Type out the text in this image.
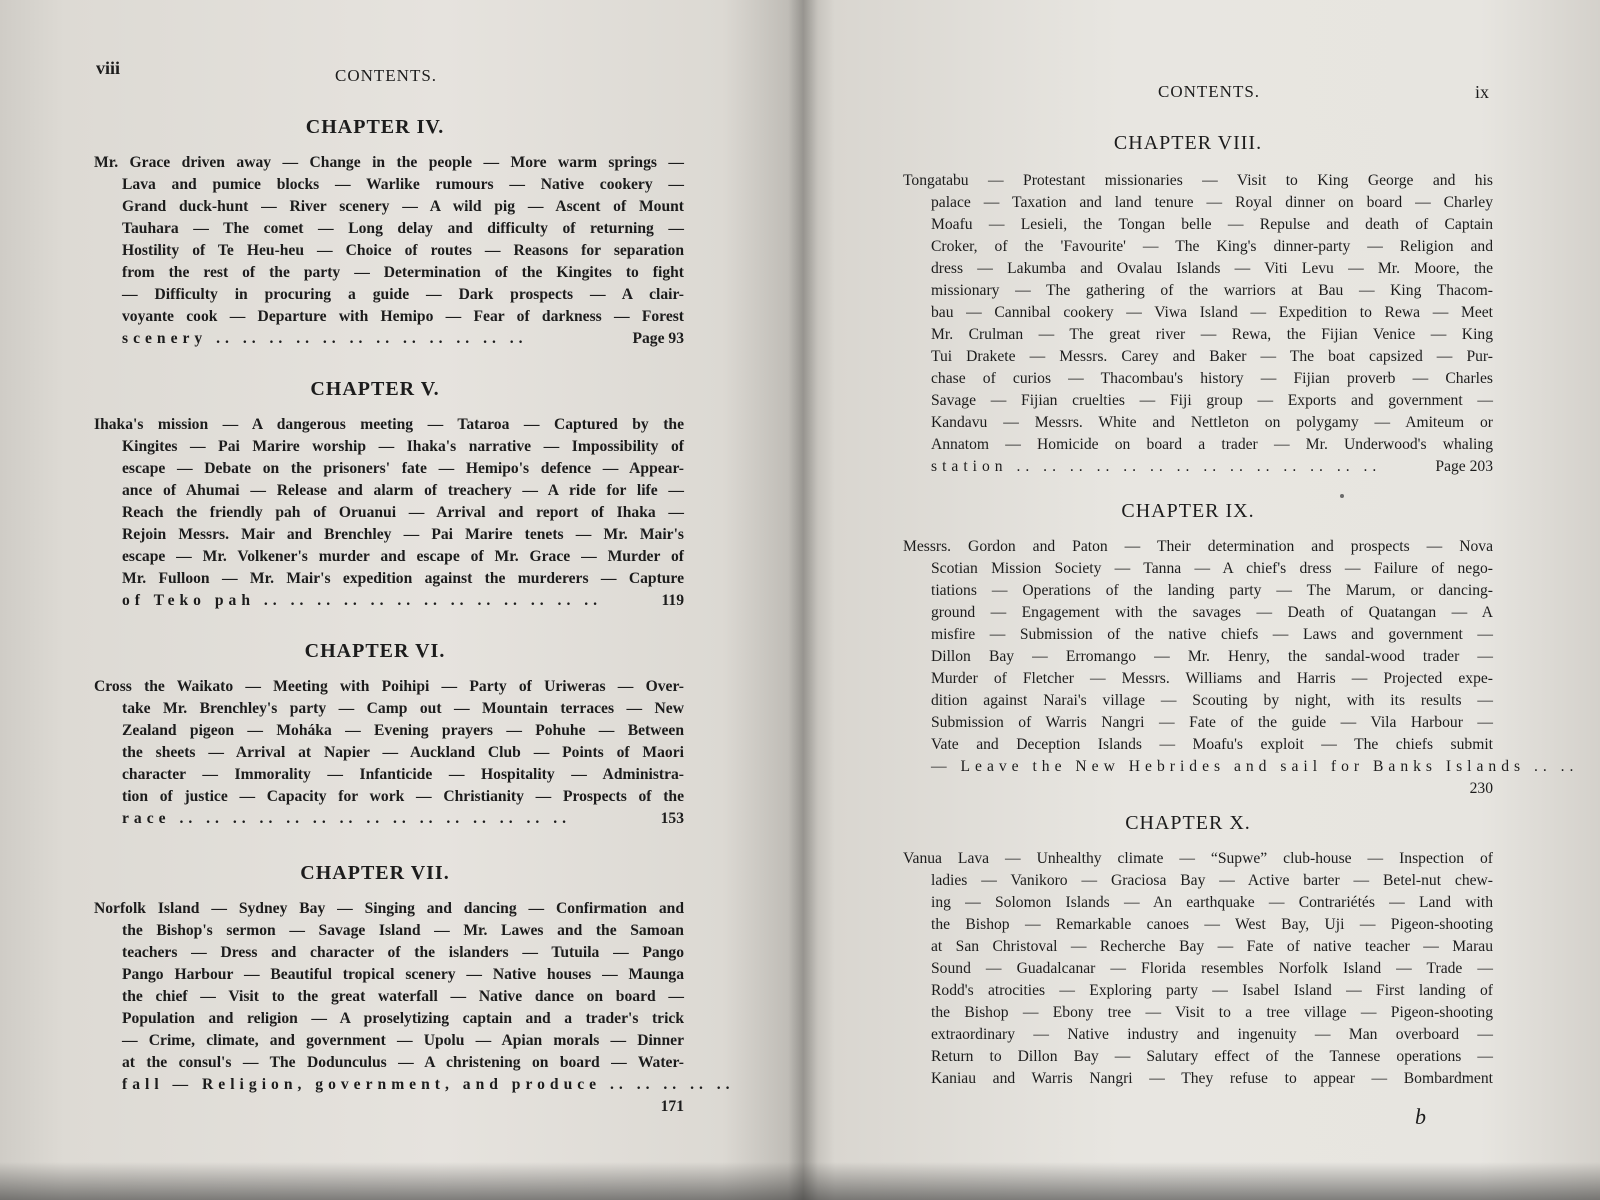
viii	CONTENTS.
CHAPTER IV.
Mr. Grace driven away — Change in the people — More warm springs —
Lava and pumice blocks — Warlike rumours — Native cookery —
Grand duck-hunt — River scenery — A wild pig — Ascent of Mount
Tauhara — The comet — Long delay and difficulty of returning —
Hostility of Te Heu-heu — Choice of routes — Reasons for separation
from the rest of the party — Determination of the Kingites to fight
— Difficulty in procuring a guide — Dark prospects — A clair-
voyante cook — Departure with Hemipo — Fear of darkness — Forest
scenery .. .. .. .. .. .. .. .. .. .. .. ..	Page 93
CHAPTER V.
Ihaka's mission — A dangerous meeting — Tataroa — Captured by the
Kingites — Pai Marire worship — Ihaka's narrative — Impossibility of
escape — Debate on the prisoners' fate — Hemipo's defence — Appear-
ance of Ahumai — Release and alarm of treachery — A ride for life —
Reach the friendly pah of Oruanui — Arrival and report of Ihaka —
Rejoin Messrs. Mair and Brenchley — Pai Marire tenets — Mr. Mair's
escape — Mr. Volkener's murder and escape of Mr. Grace — Murder of
Mr. Fulloon — Mr. Mair's expedition against the murderers — Capture
of Teko pah .. .. .. .. .. .. .. .. .. .. .. .. ..	119
CHAPTER VI.
Cross the Waikato — Meeting with Poihipi — Party of Uriweras — Over-
take Mr. Brenchley's party — Camp out — Mountain terraces — New
Zealand pigeon — Moháka — Evening prayers — Pohuhe — Between
the sheets — Arrival at Napier — Auckland Club — Points of Maori
character — Immorality — Infanticide — Hospitality — Administra-
tion of justice — Capacity for work — Christianity — Prospects of the
race .. .. .. .. .. .. .. .. .. .. .. .. .. .. ..	153
CHAPTER VII.
Norfolk Island — Sydney Bay — Singing and dancing — Confirmation and
the Bishop's sermon — Savage Island — Mr. Lawes and the Samoan
teachers — Dress and character of the islanders — Tutuila — Pango
Pango Harbour — Beautiful tropical scenery — Native houses — Maunga
the chief — Visit to the great waterfall — Native dance on board —
Population and religion — A proselytizing captain and a trader's trick
— Crime, climate, and government — Upolu — Apian morals — Dinner
at the consul's — The Dodunculus — A christening on board — Water-
fall — Religion, government, and produce .. .. .. .. ..
171
CONTENTS.	ix
CHAPTER VIII.
Tongatabu — Protestant missionaries — Visit to King George and his
palace — Taxation and land tenure — Royal dinner on board — Charley
Moafu — Lesieli, the Tongan belle — Repulse and death of Captain
Croker, of the 'Favourite' — The King's dinner-party — Religion and
dress — Lakumba and Ovalau Islands — Viti Levu — Mr. Moore, the
missionary — The gathering of the warriors at Bau — King Thacom-
bau — Cannibal cookery — Viwa Island — Expedition to Rewa — Meet
Mr. Crulman — The great river — Rewa, the Fijian Venice — King
Tui Drakete — Messrs. Carey and Baker — The boat capsized — Pur-
chase of curios — Thacombau's history — Fijian proverb — Charles
Savage — Fijian cruelties — Fiji group — Exports and government —
Kandavu — Messrs. White and Nettleton on polygamy — Amiteum or
Annatom — Homicide on board a trader — Mr. Underwood's whaling
station .. .. .. .. .. .. .. .. .. .. .. .. .. ..	Page 203
CHAPTER IX.
Messrs. Gordon and Paton — Their determination and prospects — Nova
Scotian Mission Society — Tanna — A chief's dress — Failure of nego-
tiations — Operations of the landing party — The Marum, or dancing-
ground — Engagement with the savages — Death of Quatangan — A
misfire — Submission of the native chiefs — Laws and government —
Dillon Bay — Erromango — Mr. Henry, the sandal-wood trader —
Murder of Fletcher — Messrs. Williams and Harris — Projected expe-
dition against Narai's village — Scouting by night, with its results —
Submission of Warris Nangri — Fate of the guide — Vila Harbour —
Vate and Deception Islands — Moafu's exploit — The chiefs submit
— Leave the New Hebrides and sail for Banks Islands .. ..
230
CHAPTER X.
Vanua Lava — Unhealthy climate — “Supwe” club-house — Inspection of
ladies — Vanikoro — Graciosa Bay — Active barter — Betel-nut chew-
ing — Solomon Islands — An earthquake — Contrariétés — Land with
the Bishop — Remarkable canoes — West Bay, Uji — Pigeon-shooting
at San Christoval — Recherche Bay — Fate of native teacher — Marau
Sound — Guadalcanar — Florida resembles Norfolk Island — Trade —
Rodd's atrocities — Exploring party — Isabel Island — First landing of
the Bishop — Ebony tree — Visit to a tree village — Pigeon-shooting
extraordinary — Native industry and ingenuity — Man overboard —
Return to Dillon Bay — Salutary effect of the Tannese operations —
Kaniau and Warris Nangri — They refuse to appear — Bombardment
b
